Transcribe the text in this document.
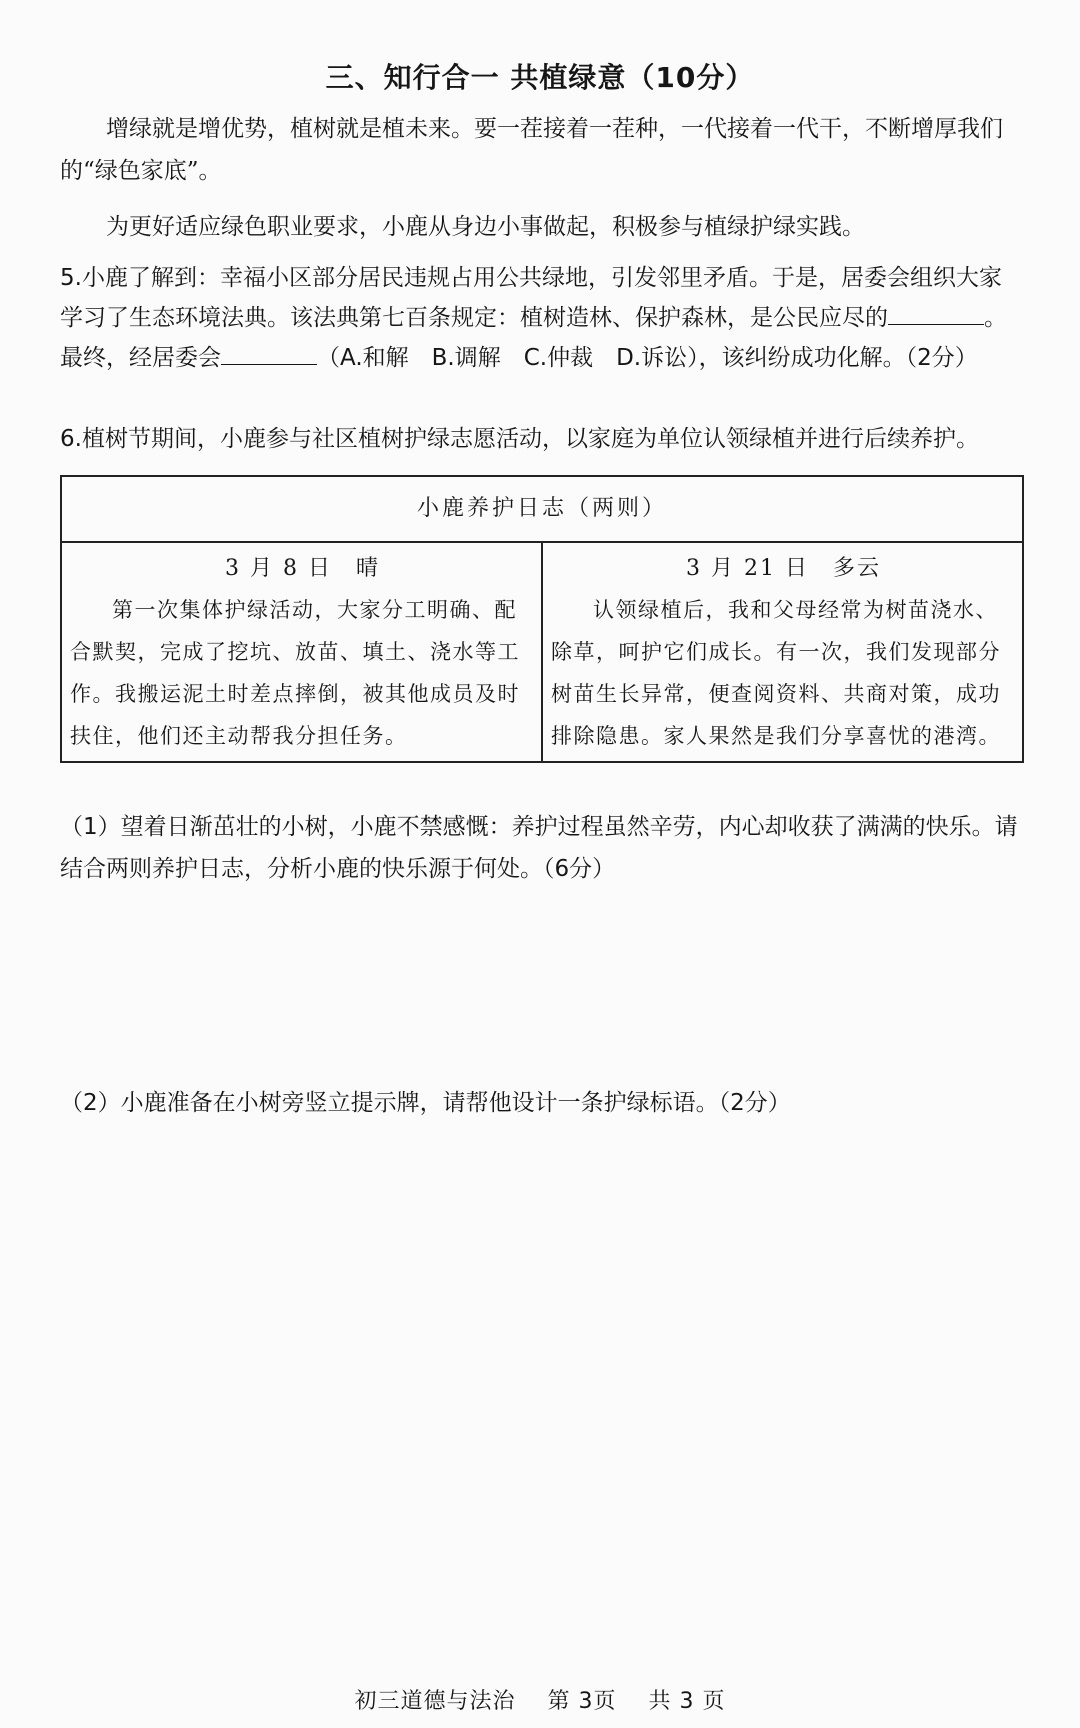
三、知行合一 共植绿意（10分）

增绿就是增优势，植树就是植未来。要一茬接着一茬种，一代接着一代干，不断增厚我们的“绿色家底”。

为更好适应绿色职业要求，小鹿从身边小事做起，积极参与植绿护绿实践。

5.小鹿了解到：幸福小区部分居民违规占用公共绿地，引发邻里矛盾。于是，居委会组织大家学习了生态环境法典。该法典第七百条规定：植树造林、保护森林，是公民应尽的	。最终，经居委会	（A.和解　B.调解　C.仲裁　D.诉讼），该纠纷成功化解。（2分）

6.植树节期间，小鹿参与社区植树护绿志愿活动，以家庭为单位认领绿植并进行后续养护。

小鹿养护日志（两则）
3 月 8 日　晴

第一次集体护绿活动，大家分工明确、配合默契，完成了挖坑、放苗、填土、浇水等工作。我搬运泥土时差点摔倒，被其他成员及时扶住，他们还主动帮我分担任务。

3 月 21 日　多云

认领绿植后，我和父母经常为树苗浇水、除草，呵护它们成长。有一次，我们发现部分树苗生长异常，便查阅资料、共商对策，成功排除隐患。家人果然是我们分享喜忧的港湾。

（1）望着日渐茁壮的小树，小鹿不禁感慨：养护过程虽然辛劳，内心却收获了满满的快乐。请结合两则养护日志，分析小鹿的快乐源于何处。（6分）

（2）小鹿准备在小树旁竖立提示牌，请帮他设计一条护绿标语。（2分）

初三道德与法治 第 3页 共 3 页
